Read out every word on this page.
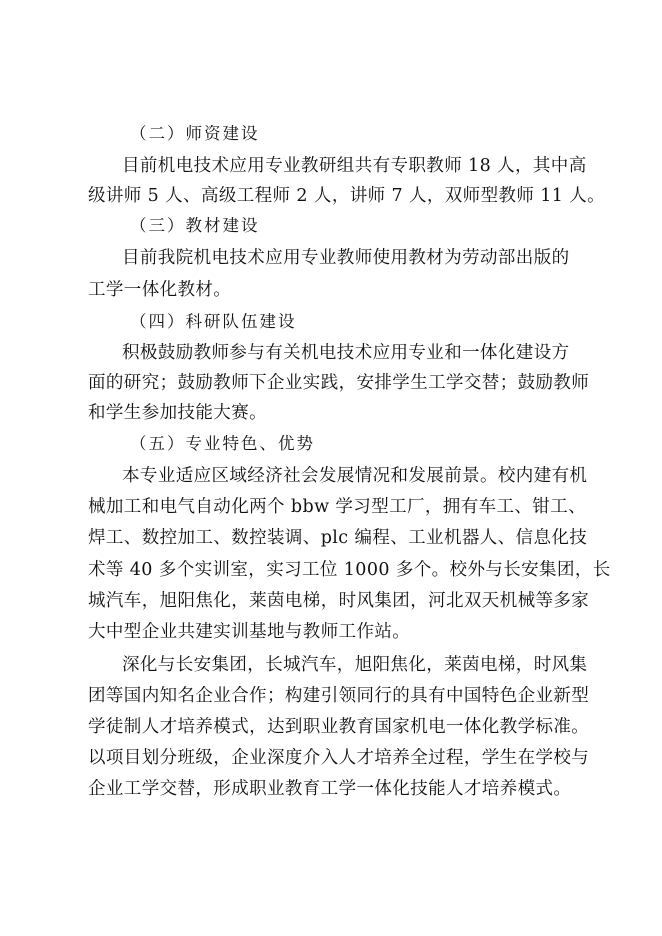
（二）师资建设
目前机电技术应用专业教研组共有专职教师 18 人，其中高
级讲师 5 人、高级工程师 2 人，讲师 7 人，双师型教师 11 人。
（三）教材建设
目前我院机电技术应用专业教师使用教材为劳动部出版的
工学一体化教材。
（四）科研队伍建设
积极鼓励教师参与有关机电技术应用专业和一体化建设方
面的研究；鼓励教师下企业实践，安排学生工学交替；鼓励教师
和学生参加技能大赛。
（五）专业特色、优势
本专业适应区域经济社会发展情况和发展前景。校内建有机
械加工和电气自动化两个 bbw 学习型工厂，拥有车工、钳工、
焊工、数控加工、数控装调、plc 编程、工业机器人、信息化技
术等 40 多个实训室，实习工位 1000 多个。校外与长安集团，长
城汽车，旭阳焦化，莱茵电梯，时风集团，河北双天机械等多家
大中型企业共建实训基地与教师工作站。
深化与长安集团，长城汽车，旭阳焦化，莱茵电梯，时风集
团等国内知名企业合作；构建引领同行的具有中国特色企业新型
学徒制人才培养模式，达到职业教育国家机电一体化教学标准。
以项目划分班级，企业深度介入人才培养全过程，学生在学校与
企业工学交替，形成职业教育工学一体化技能人才培养模式。
